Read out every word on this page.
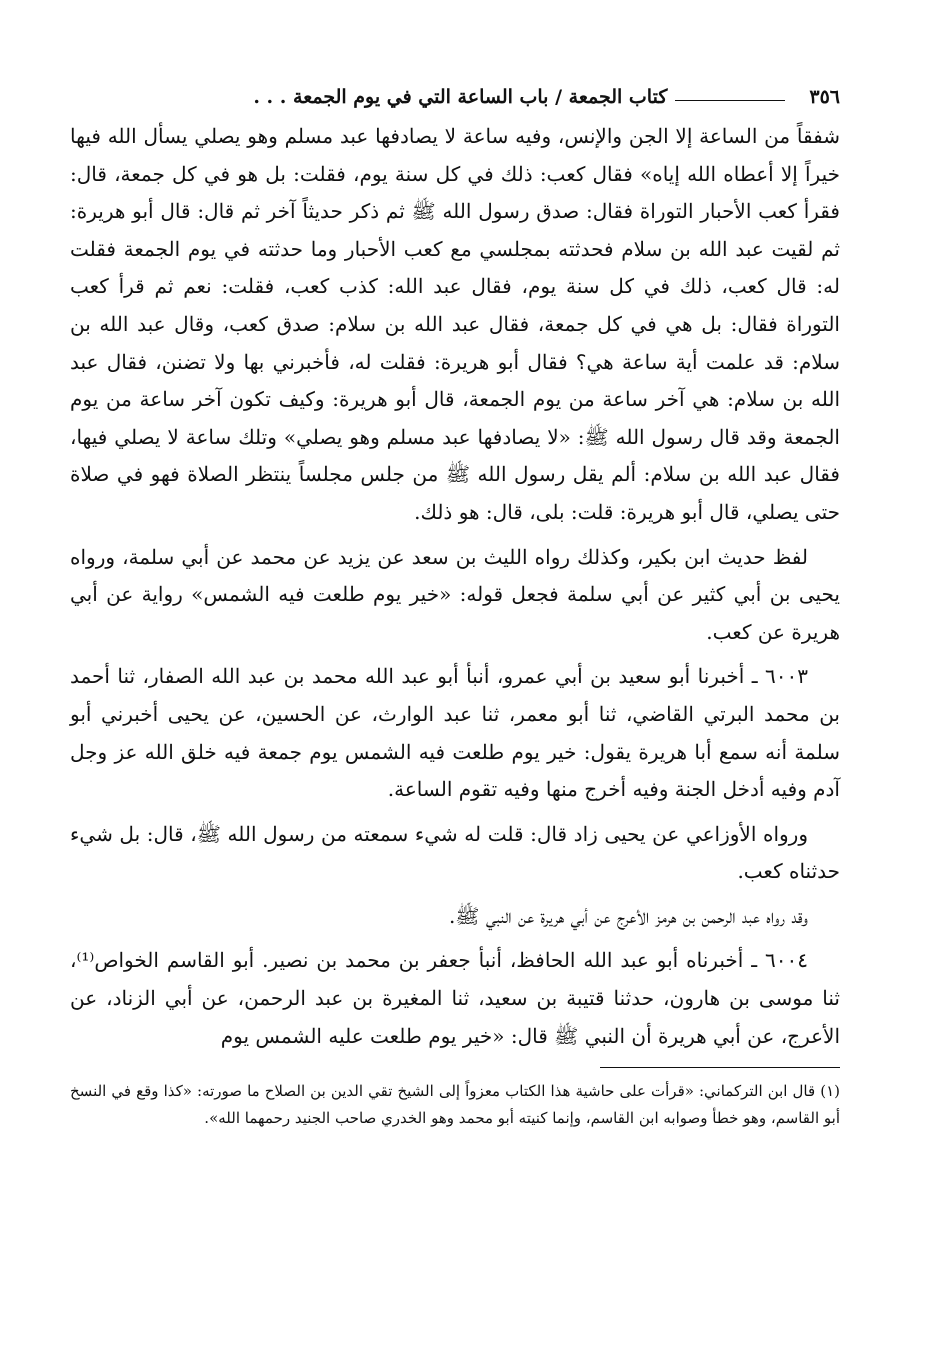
٣٥٦
كتاب الجمعة / باب الساعة التي في يوم الجمعة . . .

شفقاً من الساعة إلا الجن والإنس، وفيه ساعة لا يصادفها عبد مسلم وهو يصلي يسأل الله فيها خيراً إلا أعطاه الله إياه» فقال كعب: ذلك في كل سنة يوم، فقلت: بل هو في كل جمعة، قال: فقرأ كعب الأحبار التوراة فقال: صدق رسول الله ﷺ ثم ذكر حديثاً آخر ثم قال: قال أبو هريرة: ثم لقيت عبد الله بن سلام فحدثته بمجلسي مع كعب الأحبار وما حدثته في يوم الجمعة فقلت له: قال كعب، ذلك في كل سنة يوم، فقال عبد الله: كذب كعب، فقلت: نعم ثم قرأ كعب التوراة فقال: بل هي في كل جمعة، فقال عبد الله بن سلام: صدق كعب، وقال عبد الله بن سلام: قد علمت أية ساعة هي؟ فقال أبو هريرة: فقلت له، فأخبرني بها ولا تضنن، فقال عبد الله بن سلام: هي آخر ساعة من يوم الجمعة، قال أبو هريرة: وكيف تكون آخر ساعة من يوم الجمعة وقد قال رسول الله ﷺ: «لا يصادفها عبد مسلم وهو يصلي» وتلك ساعة لا يصلي فيها، فقال عبد الله بن سلام: ألم يقل رسول الله ﷺ من جلس مجلساً ينتظر الصلاة فهو في صلاة حتى يصلي، قال أبو هريرة: قلت: بلى، قال: هو ذلك.

لفظ حديث ابن بكير، وكذلك رواه الليث بن سعد عن يزيد عن محمد عن أبي سلمة، ورواه يحيى بن أبي كثير عن أبي سلمة فجعل قوله: «خير يوم طلعت فيه الشمس» رواية عن أبي هريرة عن كعب.

٦٠٠٣ ـ أخبرنا أبو سعيد بن أبي عمرو، أنبأ أبو عبد الله محمد بن عبد الله الصفار، ثنا أحمد بن محمد البرتي القاضي، ثنا أبو معمر، ثنا عبد الوارث، عن الحسين، عن يحيى أخبرني أبو سلمة أنه سمع أبا هريرة يقول: خير يوم طلعت فيه الشمس يوم جمعة فيه خلق الله عز وجل آدم وفيه أدخل الجنة وفيه أخرج منها وفيه تقوم الساعة.

ورواه الأوزاعي عن يحيى زاد قال: قلت له شيء سمعته من رسول الله ﷺ، قال: بل شيء حدثناه كعب.

وقد رواه عبد الرحمن بن هرمز الأعرج عن أبي هريرة عن النبي ﷺ.

٦٠٠٤ ـ أخبرناه أبو عبد الله الحافظ، أنبأ جعفر بن محمد بن نصير. أبو القاسم الخواص⁽¹⁾، ثنا موسى بن هارون، حدثنا قتيبة بن سعيد، ثنا المغيرة بن عبد الرحمن، عن أبي الزناد، عن الأعرج، عن أبي هريرة أن النبي ﷺ قال: «خير يوم طلعت عليه الشمس يوم

(١) قال ابن التركماني: «قرأت على حاشية هذا الكتاب معزواً إلى الشيخ تقي الدين بن الصلاح ما صورته: «كذا وقع في النسخ أبو القاسم، وهو خطأ وصوابه ابن القاسم، وإنما كنيته أبو محمد وهو الخدري صاحب الجنيد رحمهما الله».
